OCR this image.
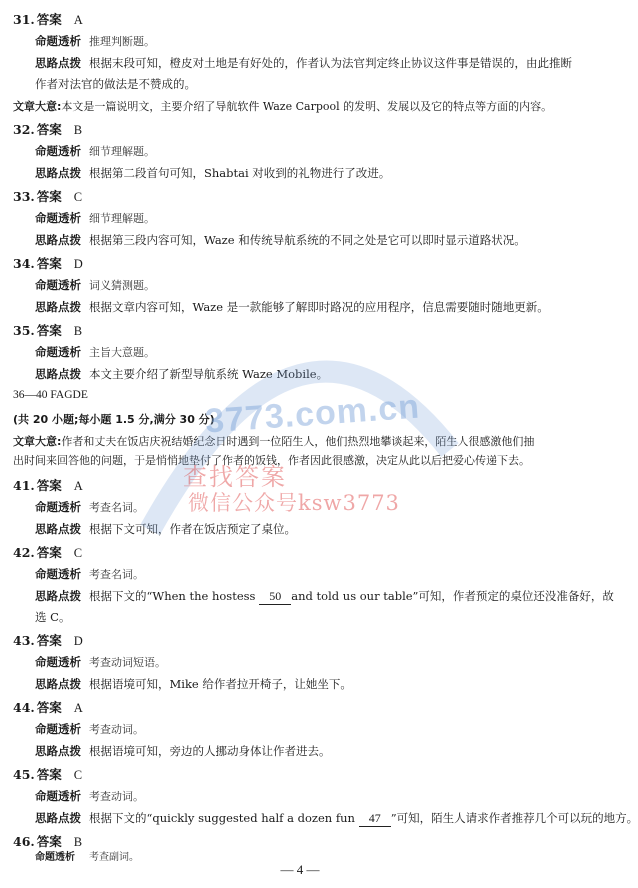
31. 答案 A
命题透析 推理判断题。
思路点拨 根据末段可知，橙皮对土地是有好处的，作者认为法官判定终止协议这件事是错误的，由此推断
作者对法官的做法是不赞成的。
文章大意:本文是一篇说明文，主要介绍了导航软件 Waze Carpool 的发明、发展以及它的特点等方面的内容。
32. 答案 B
命题透析 细节理解题。
思路点拨 根据第二段首句可知，Shabtai 对收到的礼物进行了改进。
33. 答案 C
命题透析 细节理解题。
思路点拨 根据第三段内容可知，Waze 和传统导航系统的不同之处是它可以即时显示道路状况。
34. 答案 D
命题透析 词义猜测题。
思路点拨 根据文章内容可知，Waze 是一款能够了解即时路况的应用程序，信息需要随时随地更新。
35. 答案 B
命题透析 主旨大意题。
思路点拨 本文主要介绍了新型导航系统 Waze Mobile。
36—40 FAGDE
(共 20 小题;每小题 1.5 分,满分 30 分)
文章大意:作者和丈夫在饭店庆祝结婚纪念日时遇到一位陌生人，他们热烈地攀谈起来，陌生人很感激他们抽
出时间来回答他的问题，于是悄悄地垫付了作者的饭钱，作者因此很感激，决定从此以后把爱心传递下去。
41. 答案 A
命题透析 考查名词。
思路点拨 根据下文可知，作者在饭店预定了桌位。
42. 答案 C
命题透析 考查名词。
思路点拨 根据下文的“When the hostess 50 and told us our table”可知，作者预定的桌位还没准备好，故
选 C。
43. 答案 D
命题透析 考查动词短语。
思路点拨 根据语境可知，Mike 给作者拉开椅子，让她坐下。
44. 答案 A
命题透析 考查动词。
思路点拨 根据语境可知，旁边的人挪动身体让作者进去。
45. 答案 C
命题透析 考查动词。
思路点拨 根据下文的“quickly suggested half a dozen fun 47 ”可知，陌生人请求作者推荐几个可以玩的地方。
46. 答案 B
命题透析 考查副词。
— 4 —
3773.com.cn
查找答案
微信公众号ksw3773
